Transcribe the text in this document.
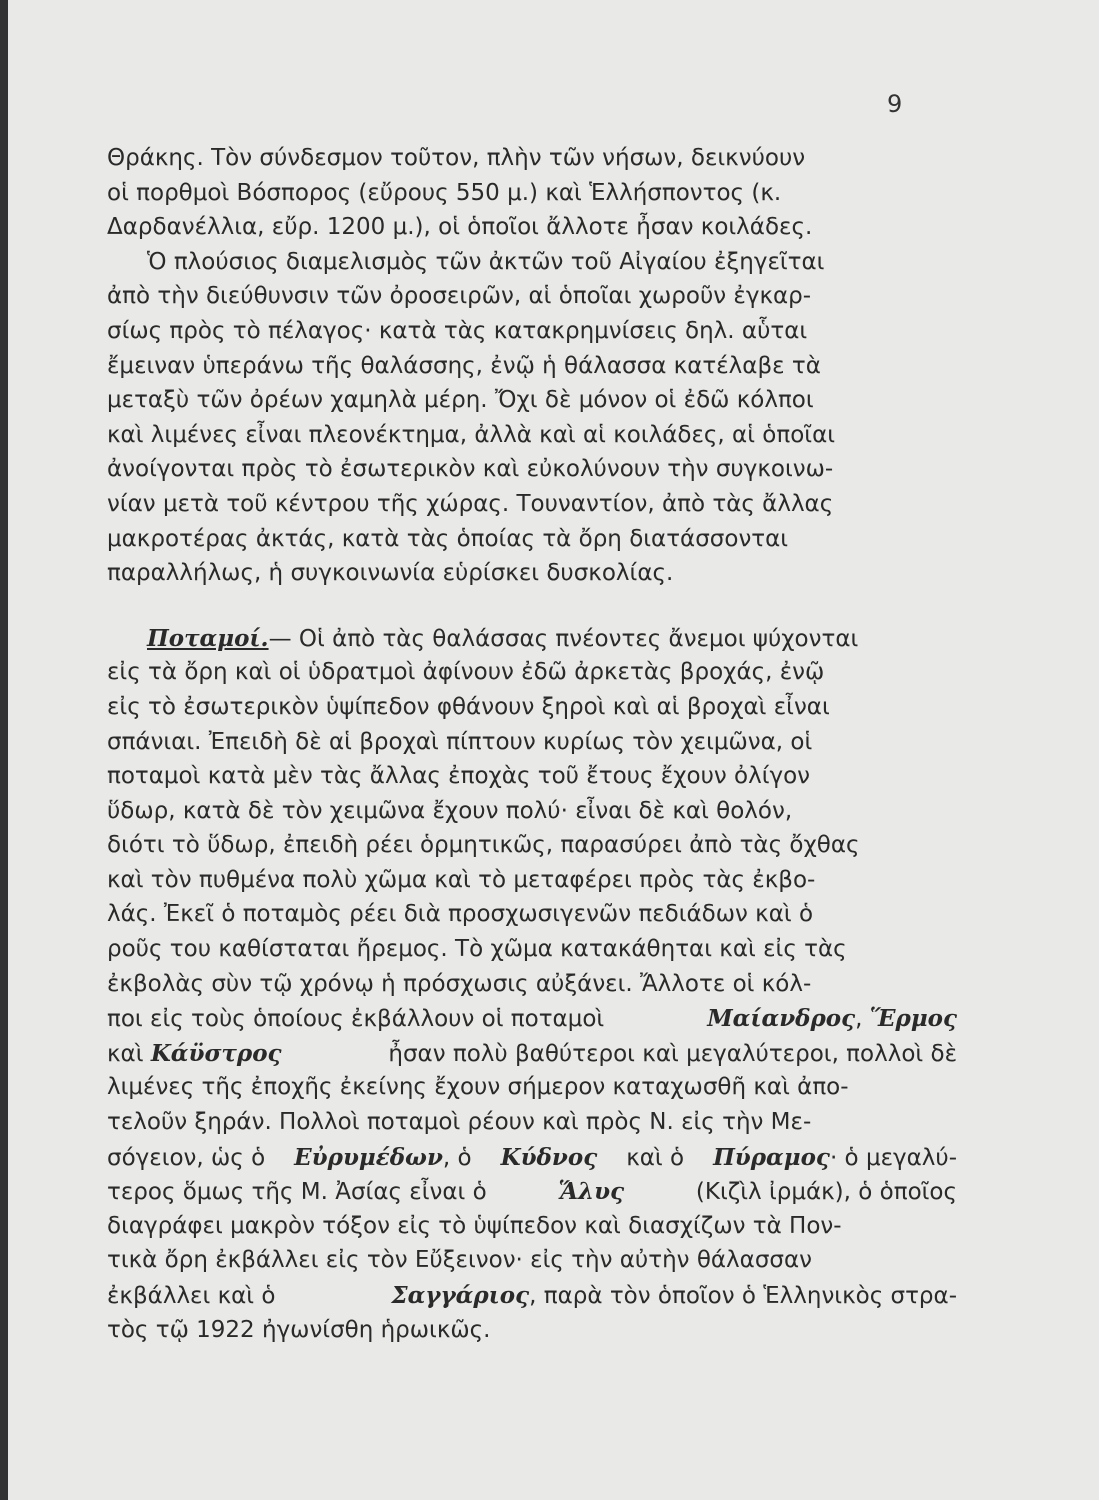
9
Θράκης. Τὸν σύνδεσμον τοῦτον, πλὴν τῶν νήσων, δεικνύουν
οἱ πορθμοὶ Βόσπορος (εὔρους 550 μ.) καὶ Ἑλλήσποντος (κ.
Δαρδανέλλια, εὔρ. 1200 μ.), οἱ ὁποῖοι ἄλλοτε ἦσαν κοιλάδες.
Ὁ πλούσιος διαμελισμὸς τῶν ἀκτῶν τοῦ Αἰγαίου ἐξηγεῖται
ἀπὸ τὴν διεύθυνσιν τῶν ὀροσειρῶν, αἱ ὁποῖαι χωροῦν ἐγκαρ-
σίως πρὸς τὸ πέλαγος· κατὰ τὰς κατακρημνίσεις δηλ. αὗται
ἔμειναν ὑπεράνω τῆς θαλάσσης, ἐνῷ ἡ θάλασσα κατέλαβε τὰ
μεταξὺ τῶν ὀρέων χαμηλὰ μέρη. Ὄχι δὲ μόνον οἱ ἐδῶ κόλποι
καὶ λιμένες εἶναι πλεονέκτημα, ἀλλὰ καὶ αἱ κοιλάδες, αἱ ὁποῖαι
ἀνοίγονται πρὸς τὸ ἐσωτερικὸν καὶ εὐκολύνουν τὴν συγκοινω-
νίαν μετὰ τοῦ κέντρου τῆς χώρας. Τουναντίον, ἀπὸ τὰς ἄλλας
μακροτέρας ἀκτάς, κατὰ τὰς ὁποίας τὰ ὄρη διατάσσονται
παραλλήλως, ἡ συγκοινωνία εὑρίσκει δυσκολίας.
Ποταμοί.— Οἱ ἀπὸ τὰς θαλάσσας πνέοντες ἄνεμοι ψύχονται
εἰς τὰ ὄρη καὶ οἱ ὑδρατμοὶ ἀφίνουν ἐδῶ ἀρκετὰς βροχάς, ἐνῷ
εἰς τὸ ἐσωτερικὸν ὑψίπεδον φθάνουν ξηροὶ καὶ αἱ βροχαὶ εἶναι
σπάνιαι. Ἐπειδὴ δὲ αἱ βροχαὶ πίπτουν κυρίως τὸν χειμῶνα, οἱ
ποταμοὶ κατὰ μὲν τὰς ἄλλας ἐποχὰς τοῦ ἔτους ἔχουν ὀλίγον
ὕδωρ, κατὰ δὲ τὸν χειμῶνα ἔχουν πολύ· εἶναι δὲ καὶ θολόν,
διότι τὸ ὕδωρ, ἐπειδὴ ρέει ὁρμητικῶς, παρασύρει ἀπὸ τὰς ὄχθας
καὶ τὸν πυθμένα πολὺ χῶμα καὶ τὸ μεταφέρει πρὸς τὰς ἐκβο-
λάς. Ἐκεῖ ὁ ποταμὸς ρέει διὰ προσχωσιγενῶν πεδιάδων καὶ ὁ
ροῦς του καθίσταται ἤρεμος. Τὸ χῶμα κατακάθηται καὶ εἰς τὰς
ἐκβολὰς σὺν τῷ χρόνῳ ἡ πρόσχωσις αὐξάνει. Ἄλλοτε οἱ κόλ-
ποι εἰς τοὺς ὁποίους ἐκβάλλουν οἱ ποταμοὶ	Μαίανδρος, Ἕρμος
καὶ Κάϋστρος	ἦσαν πολὺ βαθύτεροι καὶ μεγαλύτεροι, πολλοὶ δὲ
λιμένες τῆς ἐποχῆς ἐκείνης ἔχουν σήμερον καταχωσθῆ καὶ ἀπο-
τελοῦν ξηράν. Πολλοὶ ποταμοὶ ρέουν καὶ πρὸς Ν. εἰς τὴν Με-
σόγειον, ὡς ὁ Εὐρυμέδων, ὁ Κύδνος καὶ ὁ Πύραμος· ὁ μεγαλύ-
τερος ὅμως τῆς Μ. Ἀσίας εἶναι ὁ	Ἅλυς	(Κιζὶλ ἰρμάκ), ὁ ὁποῖος
διαγράφει μακρὸν τόξον εἰς τὸ ὑψίπεδον καὶ διασχίζων τὰ Πον-
τικὰ ὄρη ἐκβάλλει εἰς τὸν Εὔξεινον· εἰς τὴν αὐτὴν θάλασσαν
ἐκβάλλει καὶ ὁ	Σαγγάριος, παρὰ τὸν ὁποῖον ὁ Ἑλληνικὸς στρα-
τὸς τῷ 1922 ἠγωνίσθη ἡρωικῶς.
